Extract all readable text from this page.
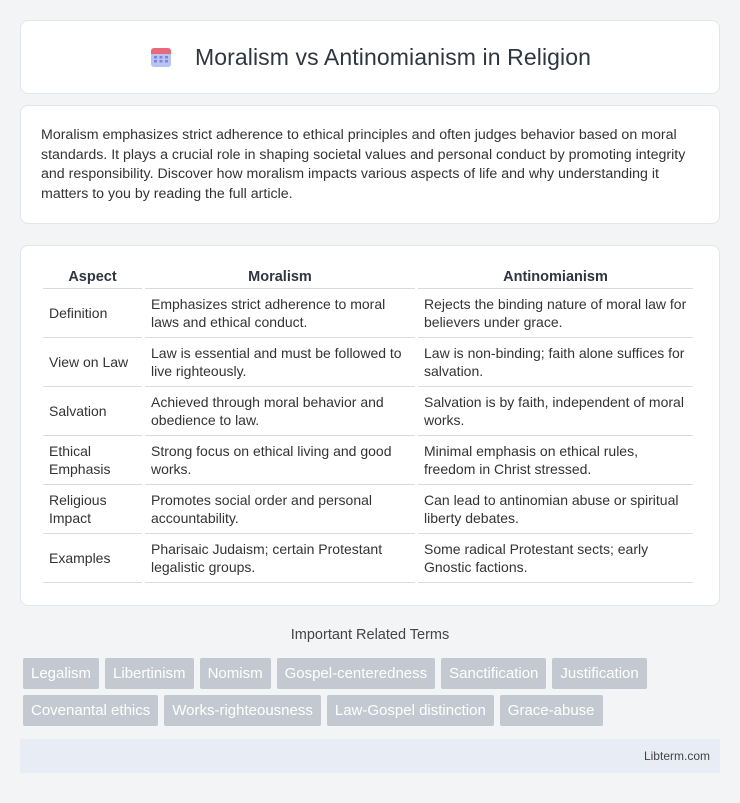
Moralism vs Antinomianism in Religion

Moralism emphasizes strict adherence to ethical principles and often judges behavior based on moral standards. It plays a crucial role in shaping societal values and personal conduct by promoting integrity and responsibility. Discover how moralism impacts various aspects of life and why understanding it matters to you by reading the full article.

Aspect	Moralism	Antinomianism
Definition	Emphasizes strict adherence to moral laws and ethical conduct.	Rejects the binding nature of moral law for believers under grace.
View on Law	Law is essential and must be followed to live righteously.	Law is non-binding; faith alone suffices for salvation.
Salvation	Achieved through moral behavior and obedience to law.	Salvation is by faith, independent of moral works.
Ethical Emphasis	Strong focus on ethical living and good works.	Minimal emphasis on ethical rules, freedom in Christ stressed.
Religious Impact	Promotes social order and personal accountability.	Can lead to antinomian abuse or spiritual liberty debates.
Examples	Pharisaic Judaism; certain Protestant legalistic groups.	Some radical Protestant sects; early Gnostic factions.
Important Related Terms
Legalism	Libertinism	Nomism	Gospel-centeredness	Sanctification	Justification
Covenantal ethics	Works-righteousness	Law-Gospel distinction	Grace-abuse
Libterm.com
